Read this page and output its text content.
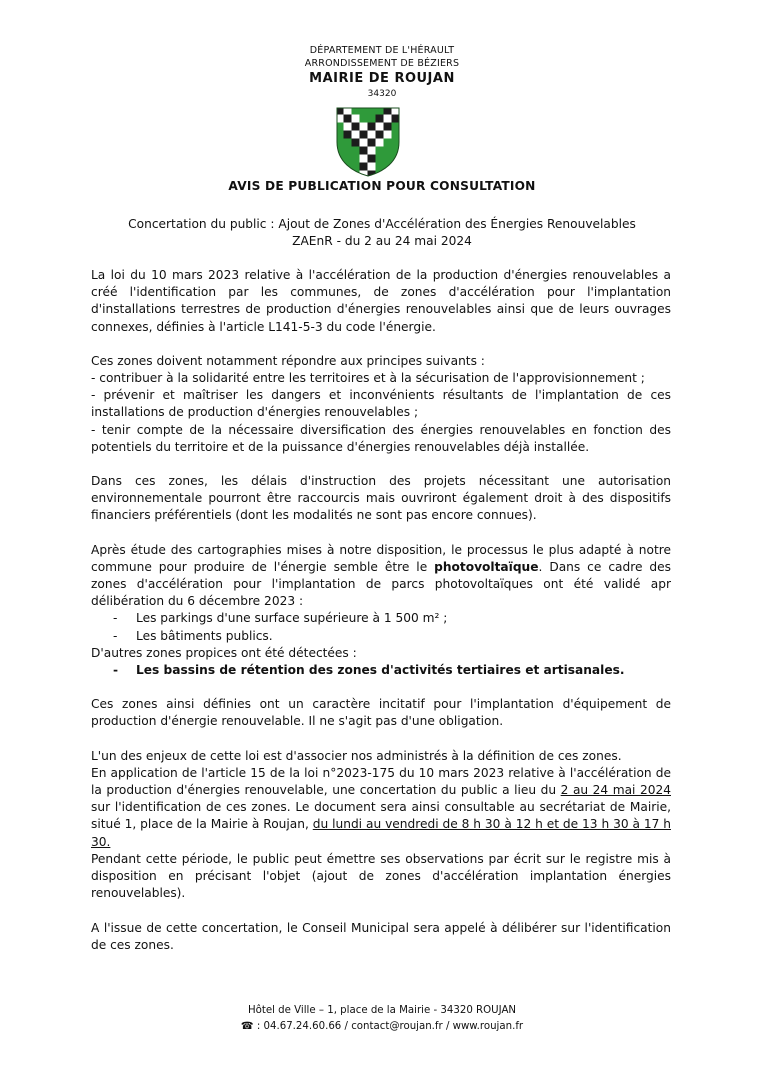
DÉPARTEMENT DE L'HÉRAULT
ARRONDISSEMENT DE BÉZIERS
MAIRIE DE ROUJAN
34320
AVIS DE PUBLICATION POUR CONSULTATION
Concertation du public : Ajout de Zones d'Accélération des Énergies Renouvelables
ZAEnR - du 2 au 24 mai 2024

La loi du 10 mars 2023 relative à l'accélération de la production d'énergies renouvelables a créé l'identification par les communes, de zones d'accélération pour l'implantation d'installations terrestres de production d'énergies renouvelables ainsi que de leurs ouvrages connexes, définies à l'article L141-5-3 du code l'énergie.

Ces zones doivent notamment répondre aux principes suivants :

- contribuer à la solidarité entre les territoires et à la sécurisation de l'approvisionnement ;

- prévenir et maîtriser les dangers et inconvénients résultants de l'implantation de ces installations de production d'énergies renouvelables ;

- tenir compte de la nécessaire diversification des énergies renouvelables en fonction des potentiels du territoire et de la puissance d'énergies renouvelables déjà installée.

Dans ces zones, les délais d'instruction des projets nécessitant une autorisation environnementale pourront être raccourcis mais ouvriront également droit à des dispositifs financiers préférentiels (dont les modalités ne sont pas encore connues).

Après étude des cartographies mises à notre disposition, le processus le plus adapté à notre commune pour produire de l'énergie semble être le photovoltaïque. Dans ce cadre des zones d'accélération pour l'implantation de parcs photovoltaïques ont été validé apr délibération du 6 décembre 2023 :

-	Les parkings d'une surface supérieure à 1 500 m² ;
-	Les bâtiments publics.

D'autres zones propices ont été détectées :

-	Les bassins de rétention des zones d'activités tertiaires et artisanales.

Ces zones ainsi définies ont un caractère incitatif pour l'implantation d'équipement de production d'énergie renouvelable. Il ne s'agit pas d'une obligation.

L'un des enjeux de cette loi est d'associer nos administrés à la définition de ces zones.

En application de l'article 15 de la loi n°2023-175 du 10 mars 2023 relative à l'accélération de la production d'énergies renouvelable, une concertation du public a lieu du 2 au 24 mai 2024 sur l'identification de ces zones. Le document sera ainsi consultable au secrétariat de Mairie, situé 1, place de la Mairie à Roujan, du lundi au vendredi de 8 h 30 à 12 h et de 13 h 30 à 17 h 30.

Pendant cette période, le public peut émettre ses observations par écrit sur le registre mis à disposition en précisant l'objet (ajout de zones d'accélération implantation énergies renouvelables).

A l'issue de cette concertation, le Conseil Municipal sera appelé à délibérer sur l'identification de ces zones.

Hôtel de Ville – 1, place de la Mairie - 34320 ROUJAN
☎ : 04.67.24.60.66 / contact@roujan.fr / www.roujan.fr
